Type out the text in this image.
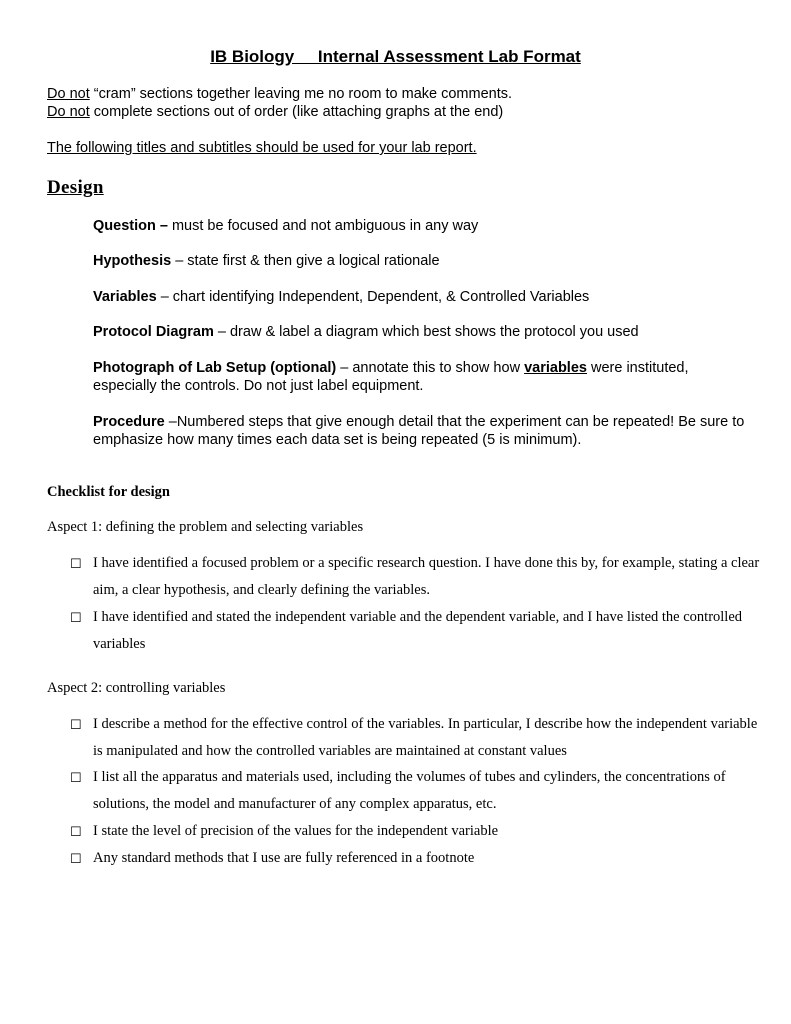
IB Biology     Internal Assessment Lab Format
Do not “cram” sections together leaving me no room to make comments.
Do not complete sections out of order (like attaching graphs at the end)
The following titles and subtitles should be used for your lab report.
Design
Question – must be focused and not ambiguous in any way
Hypothesis – state first & then give a logical rationale
Variables – chart identifying Independent, Dependent, & Controlled Variables
Protocol Diagram – draw & label a diagram which best shows the protocol you used
Photograph of Lab Setup (optional) – annotate this to show how variables were instituted, especially the controls. Do not just label equipment.
Procedure –Numbered steps that give enough detail that the experiment can be repeated! Be sure to emphasize how many times each data set is being repeated (5 is minimum).
Checklist for design
Aspect 1: defining the problem and selecting variables
☐ I have identified a focused problem or a specific research question. I have done this by, for example, stating a clear aim, a clear hypothesis, and clearly defining the variables.
☐ I have identified and stated the independent variable and the dependent variable, and I have listed the controlled variables
Aspect 2: controlling variables
☐ I describe a method for the effective control of the variables. In particular, I describe how the independent variable is manipulated and how the controlled variables are maintained at constant values
☐ I list all the apparatus and materials used, including the volumes of tubes and cylinders, the concentrations of solutions, the model and manufacturer of any complex apparatus, etc.
☐ I state the level of precision of the values for the independent variable
☐ Any standard methods that I use are fully referenced in a footnote
